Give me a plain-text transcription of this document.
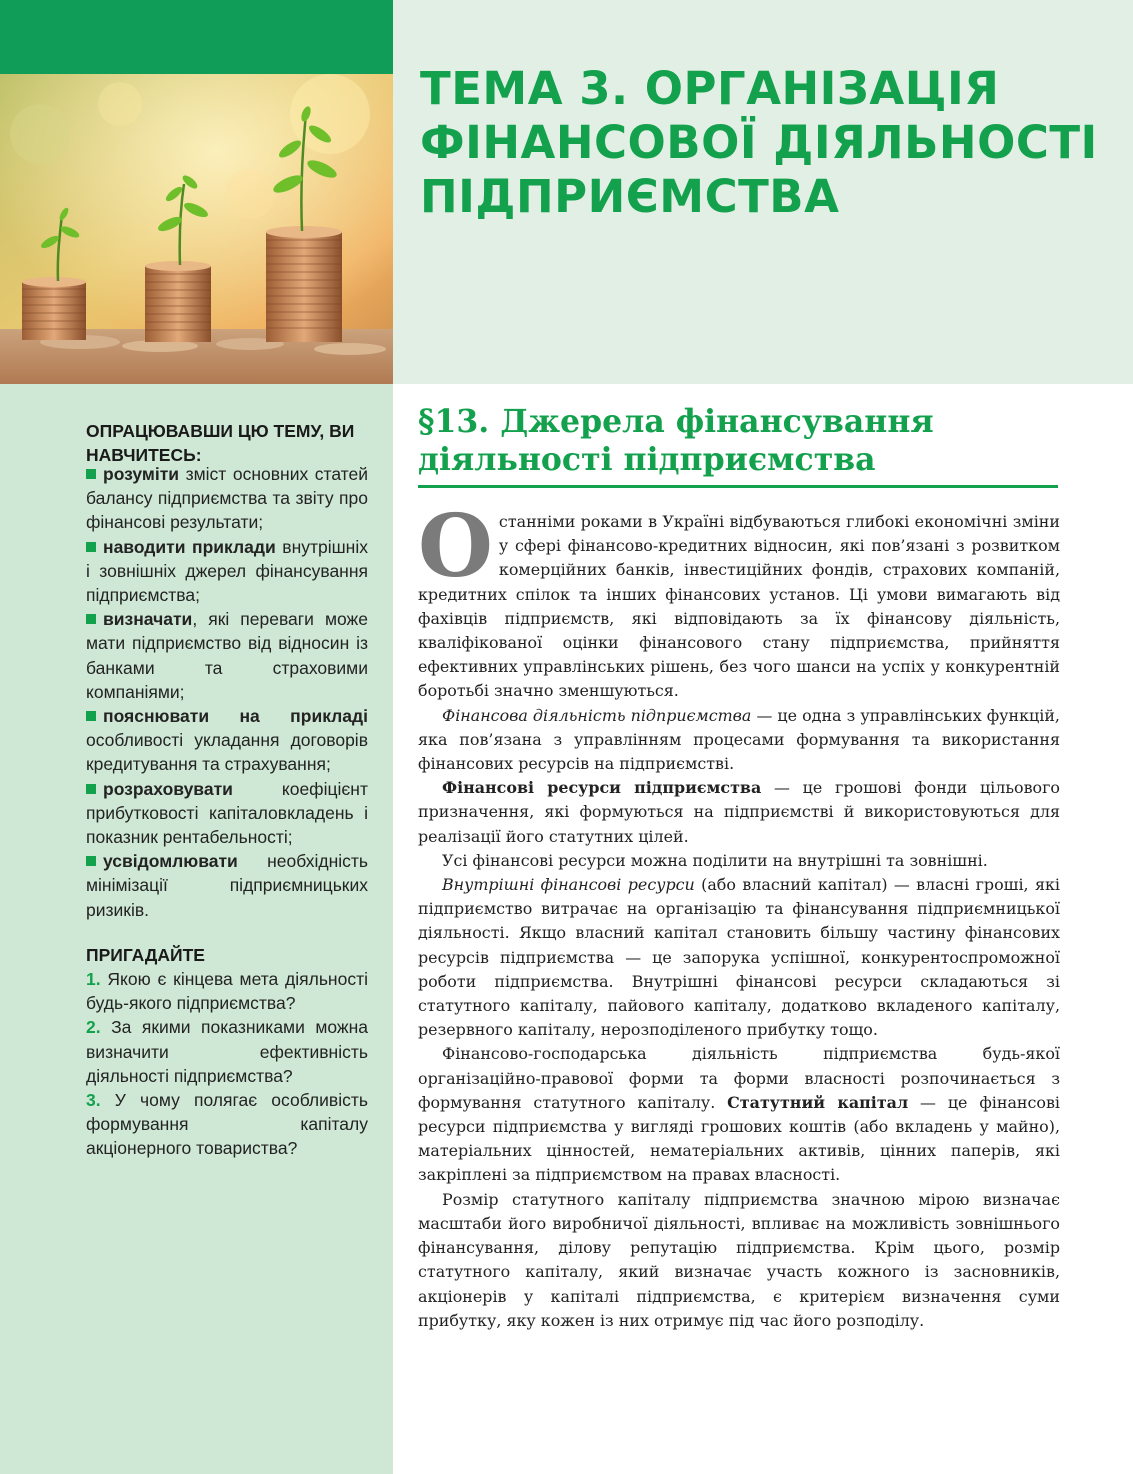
ТЕМА 3. ОРГАНІЗАЦІЯ ФІНАНСОВОЇ ДІЯЛЬНОСТІ ПІДПРИЄМСТВА
ОПРАЦЮВАВШИ ЦЮ ТЕМУ, ВИ НАВЧИТЕСЬ:
розуміти зміст основних статей балансу підприємства та звіту про фінансові результати;
наводити приклади внутрішніх і зовнішніх джерел фінансування підприємства;
визначати, які переваги може мати підприємство від відносин із банками та страховими компаніями;
пояснювати на прикладі особливості укладання договорів кредитування та страхування;
розраховувати коефіцієнт прибутковості капіталовкладень і показник рентабельності;
усвідомлювати необхідність мінімізації підприємницьких ризиків.
ПРИГАДАЙТЕ
1. Якою є кінцева мета діяльності будь-якого підприємства?
2. За якими показниками можна визначити ефективність діяльності підприємства?
3. У чому полягає особливість формування капіталу акціонерного товариства?
§13. Джерела фінансування діяльності підприємства

Останніми роками в Україні відбуваються глибокі економічні зміни у сфері фінансово-кредитних відносин, які пов’язані з розвитком комерційних банків, інвестиційних фондів, страхових компаній, кредитних спілок та інших фінансових установ. Ці умови вимагають від фахівців підприємств, які відповідають за їх фінансову діяльність, кваліфікованої оцінки фінансового стану підприємства, прийняття ефективних управлінських рішень, без чого шанси на успіх у конкурентній боротьбі значно зменшуються.

Фінансова діяльність підприємства — це одна з управлінських функцій, яка пов’язана з управлінням процесами формування та використання фінансових ресурсів на підприємстві.

Фінансові ресурси підприємства — це грошові фонди цільового призначення, які формуються на підприємстві й використовуються для реалізації його статутних цілей.

Усі фінансові ресурси можна поділити на внутрішні та зовнішні.

Внутрішні фінансові ресурси (або власний капітал) — власні гроші, які підприємство витрачає на організацію та фінансування підприємницької діяльності. Якщо власний капітал становить більшу частину фінансових ресурсів підприємства — це запорука успішної, конкурентоспроможної роботи підприємства. Внутрішні фінансові ресурси складаються зі статутного капіталу, пайового капіталу, додатково вкладеного капіталу, резервного капіталу, нерозподіленого прибутку тощо.

Фінансово-господарська діяльність підприємства будь-якої організаційно-правової форми та форми власності розпочинається з формування статутного капіталу. Статутний капітал — це фінансові ресурси підприємства у вигляді грошових коштів (або вкладень у майно), матеріальних цінностей, нематеріальних активів, цінних паперів, які закріплені за підприємством на правах власності.

Розмір статутного капіталу підприємства значною мірою визначає масштаби його виробничої діяльності, впливає на можливість зовнішнього фінансування, ділову репутацію підприємства. Крім цього, розмір статутного капіталу, який визначає участь кожного із засновників, акціонерів у капіталі підприємства, є критерієм визначення суми прибутку, яку кожен із них отримує під час його розподілу.
